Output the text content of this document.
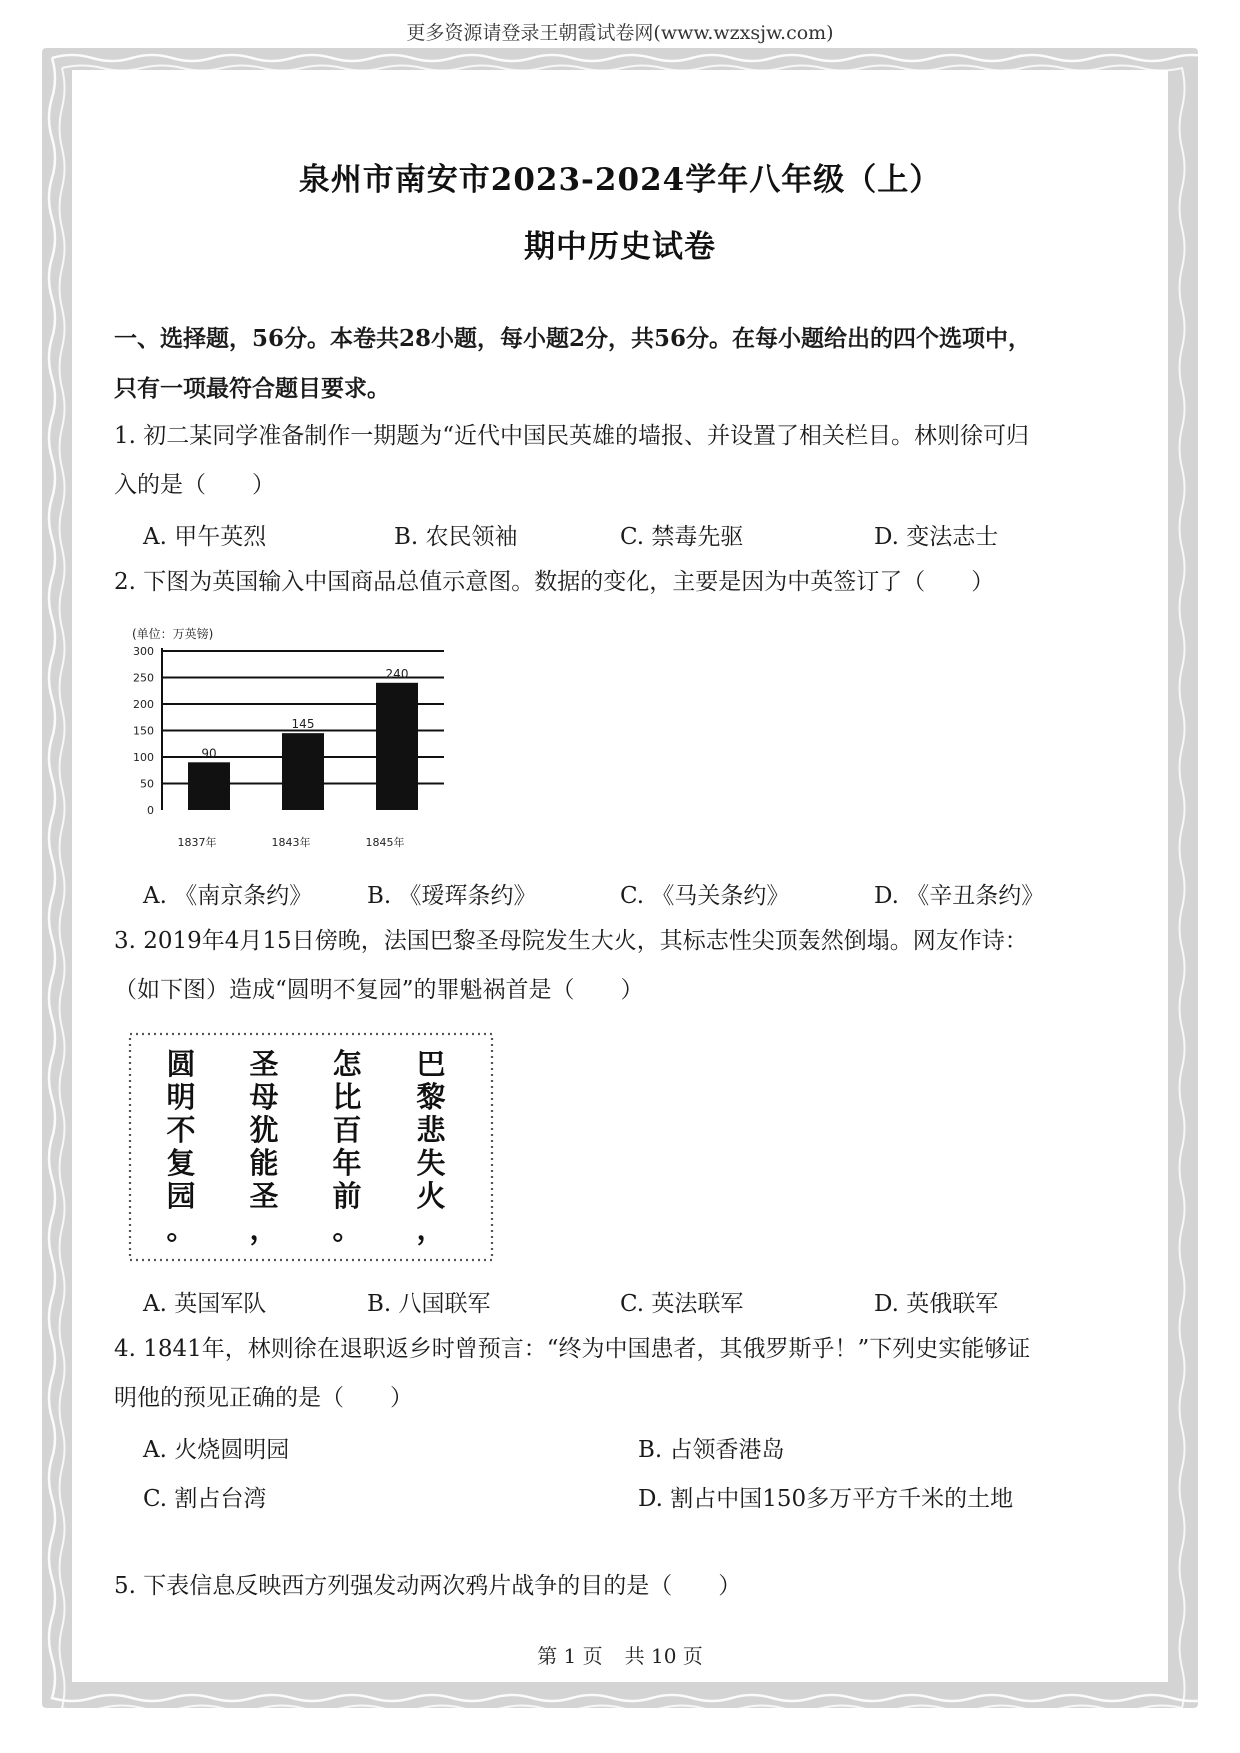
更多资源请登录王朝霞试卷网(www.wzxsjw.com)
泉州市南安市2023-2024学年八年级（上）
期中历史试卷
一、选择题，56分。本卷共28小题，每小题2分，共56分。在每小题给出的四个选项中，
只有一项最符合题目要求。
1. 初二某同学准备制作一期题为“近代中国民英雄的墙报、并设置了相关栏目。林则徐可归
入的是（　　）
A. 甲午英烈	B. 农民领袖	C. 禁毒先驱	D. 变法志士
2. 下图为英国输入中国商品总值示意图。数据的变化，主要是因为中英签订了（　　）
(单位：万英镑)
0
50
100
150
200
250
300
90
145
240
1837年	1843年	1845年
A. 《南京条约》 B. 《瑷珲条约》	C. 《马关条约》	D. 《辛丑条约》
3. 2019年4月15日傍晚，法国巴黎圣母院发生大火，其标志性尖顶轰然倒塌。网友作诗：
（如下图）造成“圆明不复园”的罪魁祸首是（　　）
圆
明
不
复
园
。
圣
母
犹
能
圣
，
怎
比
百
年
前
。
巴
黎
悲
失
火
，
A. 英国军队	B. 八国联军	C. 英法联军	D. 英俄联军
4. 1841年，林则徐在退职返乡时曾预言：“终为中国患者，其俄罗斯乎！”下列史实能够证
明他的预见正确的是（　　）
A. 火烧圆明园	B. 占领香港岛
C. 割占台湾	D. 割占中国150多万平方千米的土地
5. 下表信息反映西方列强发动两次鸦片战争的目的是（　　）
第 1 页 共 10 页
